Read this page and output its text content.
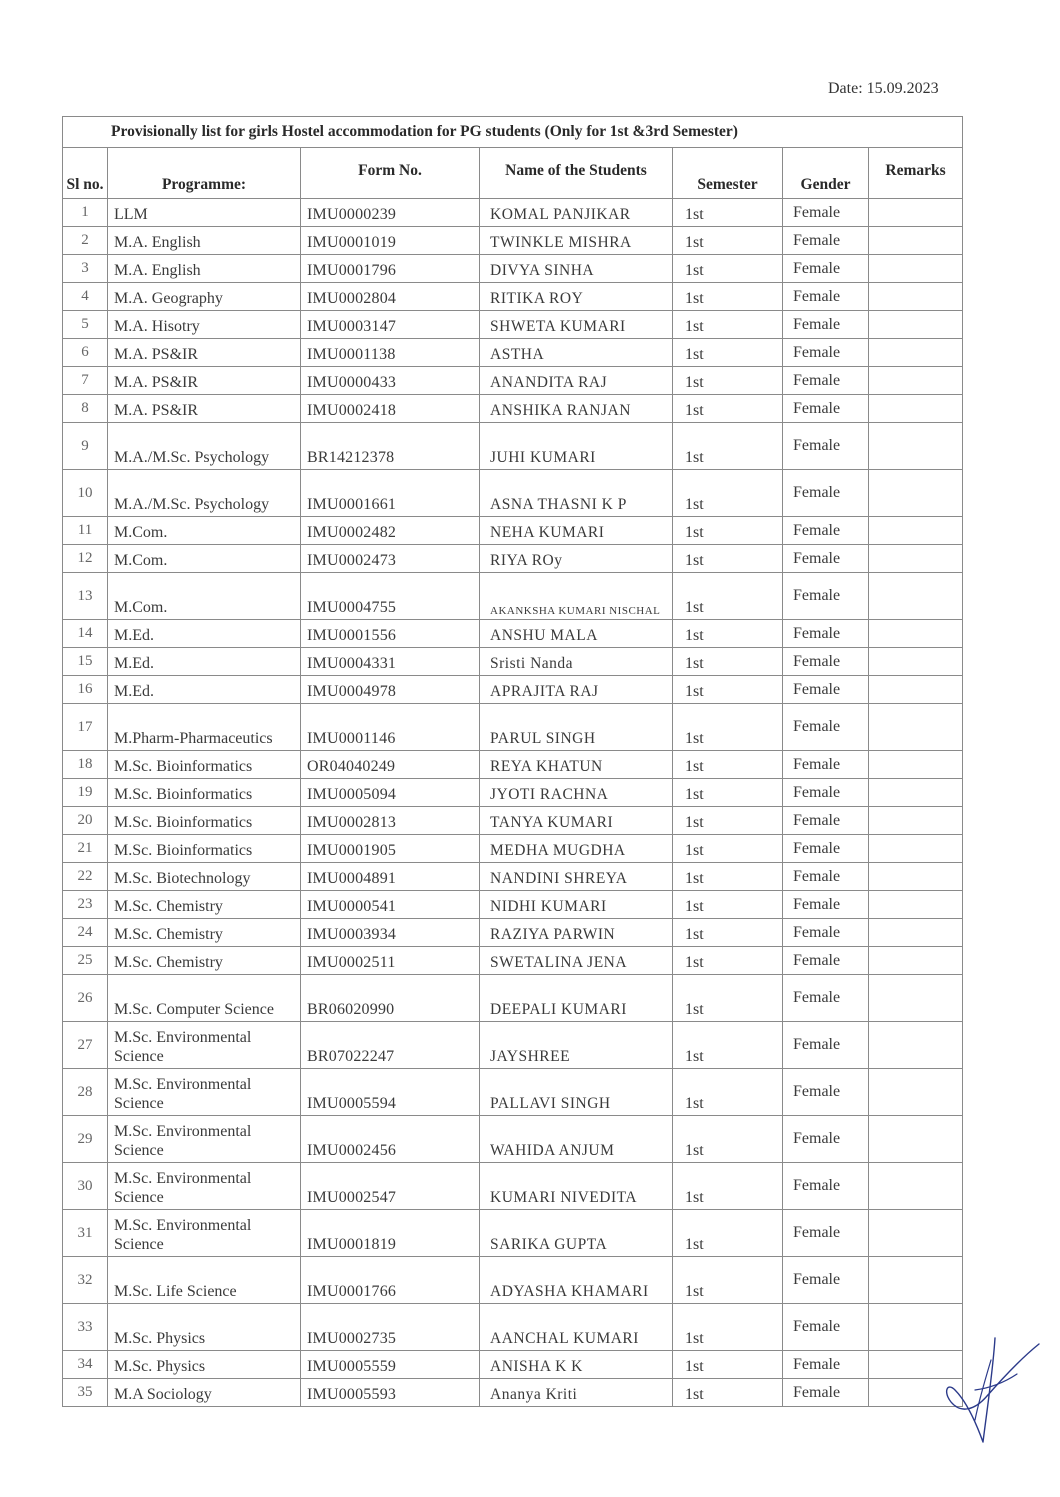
Date: 15.09.2023
Provisionally list for girls Hostel accommodation for PG students (Only for 1st &3rd Semester)						
Sl no.	Programme:	Form No.	Name of the Students	Semester	Gender	Remarks
1	LLM	IMU0000239	KOMAL PANJIKAR	1st	Female	
2	M.A. English	IMU0001019	TWINKLE MISHRA	1st	Female	
3	M.A. English	IMU0001796	DIVYA SINHA	1st	Female	
4	M.A. Geography	IMU0002804	RITIKA ROY	1st	Female	
5	M.A. Hisotry	IMU0003147	SHWETA KUMARI	1st	Female	
6	M.A. PS&IR	IMU0001138	ASTHA	1st	Female	
7	M.A. PS&IR	IMU0000433	ANANDITA RAJ	1st	Female	
8	M.A. PS&IR	IMU0002418	ANSHIKA RANJAN	1st	Female	
9	M.A./M.Sc. Psychology	BR14212378	JUHI KUMARI	1st	Female	
10	M.A./M.Sc. Psychology	IMU0001661	ASNA THASNI K P	1st	Female	
11	M.Com.	IMU0002482	NEHA KUMARI	1st	Female	
12	M.Com.	IMU0002473	RIYA ROy	1st	Female	
13	M.Com.	IMU0004755	AKANKSHA KUMARI NISCHAL	1st	Female	
14	M.Ed.	IMU0001556	ANSHU MALA	1st	Female	
15	M.Ed.	IMU0004331	Sristi Nanda	1st	Female	
16	M.Ed.	IMU0004978	APRAJITA RAJ	1st	Female	
17	M.Pharm-Pharmaceutics	IMU0001146	PARUL SINGH	1st	Female	
18	M.Sc. Bioinformatics	OR04040249	REYA KHATUN	1st	Female	
19	M.Sc. Bioinformatics	IMU0005094	JYOTI RACHNA	1st	Female	
20	M.Sc. Bioinformatics	IMU0002813	TANYA KUMARI	1st	Female	
21	M.Sc. Bioinformatics	IMU0001905	MEDHA MUGDHA	1st	Female	
22	M.Sc. Biotechnology	IMU0004891	NANDINI SHREYA	1st	Female	
23	M.Sc. Chemistry	IMU0000541	NIDHI KUMARI	1st	Female	
24	M.Sc. Chemistry	IMU0003934	RAZIYA PARWIN	1st	Female	
25	M.Sc. Chemistry	IMU0002511	SWETALINA JENA	1st	Female	
26	M.Sc. Computer Science	BR06020990	DEEPALI KUMARI	1st	Female	
27	M.Sc. Environmental Science	BR07022247	JAYSHREE	1st	Female	
28	M.Sc. Environmental Science	IMU0005594	PALLAVI SINGH	1st	Female	
29	M.Sc. Environmental Science	IMU0002456	WAHIDA ANJUM	1st	Female	
30	M.Sc. Environmental Science	IMU0002547	KUMARI NIVEDITA	1st	Female	
31	M.Sc. Environmental Science	IMU0001819	SARIKA GUPTA	1st	Female	
32	M.Sc. Life Science	IMU0001766	ADYASHA KHAMARI	1st	Female	
33	M.Sc. Physics	IMU0002735	AANCHAL KUMARI	1st	Female	
34	M.Sc. Physics	IMU0005559	ANISHA K K	1st	Female	
35	M.A Sociology	IMU0005593	Ananya Kriti	1st	Female	
